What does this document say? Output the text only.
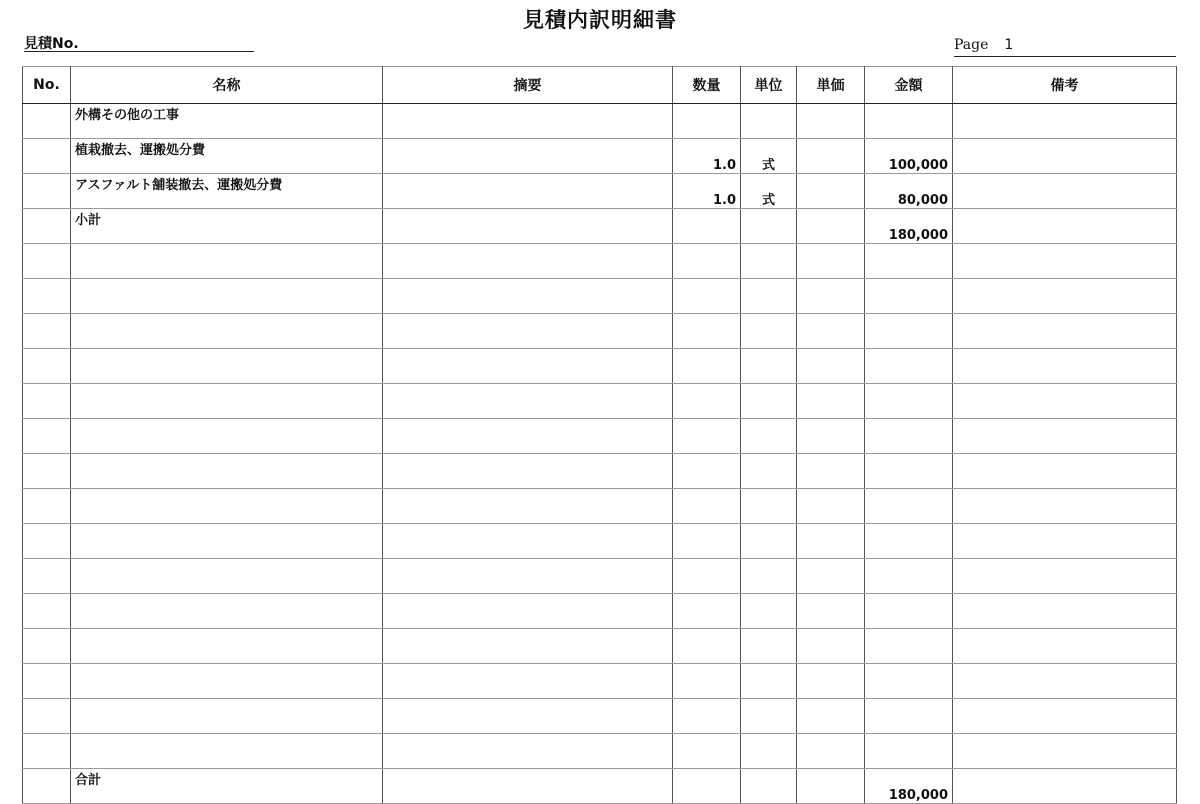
見積内訳明細書
見積No.	Page 1
No.	名称	摘要	数量	単位	単価	金額	備考
	外構その他の工事						
	植栽撤去、運搬処分費		1.0	式		100,000	
	アスファルト舗装撤去、運搬処分費		1.0	式		80,000	
	小計					180,000	

	合計					180,000	
